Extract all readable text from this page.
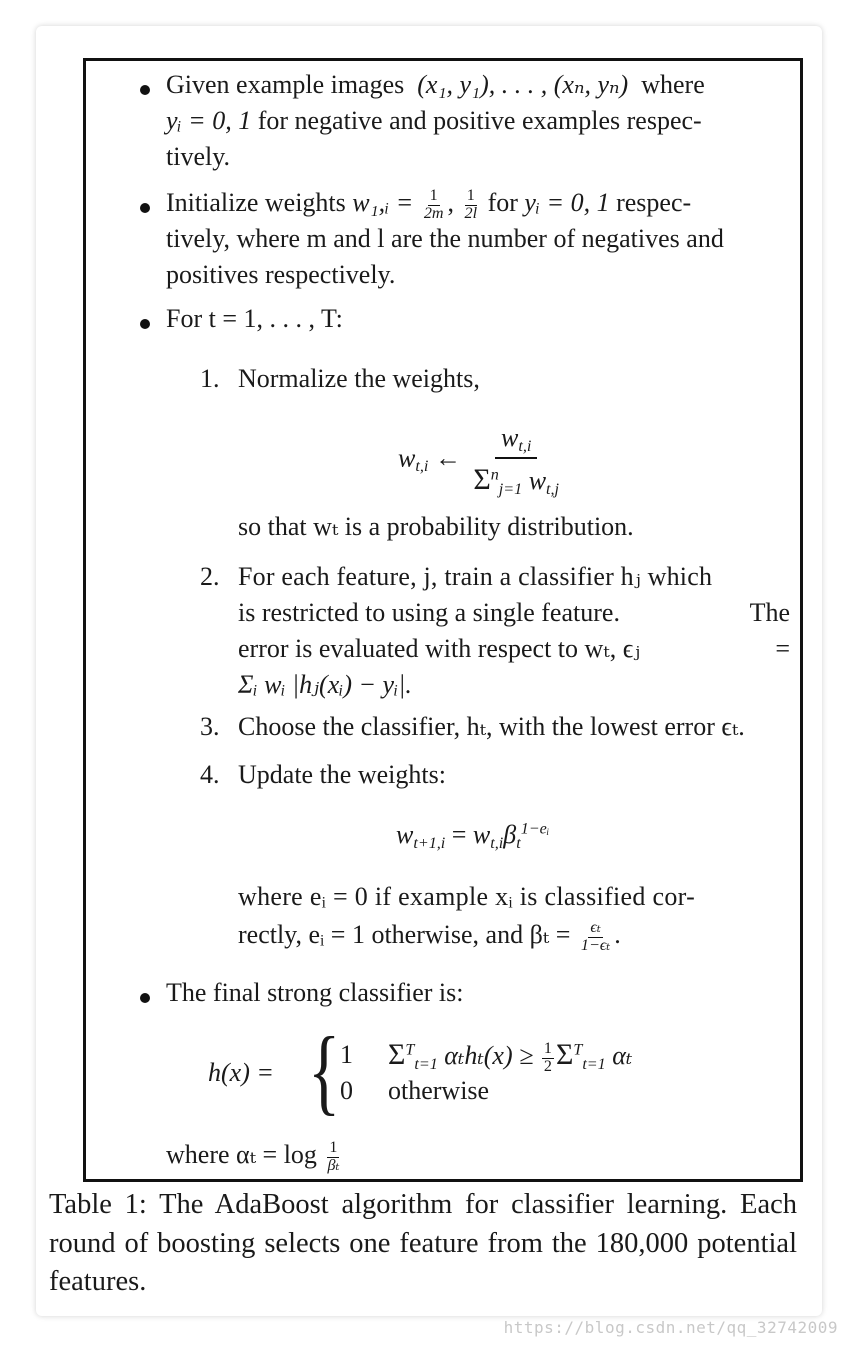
Given example images (x₁, y₁), . . . , (xₙ, yₙ) where
yᵢ = 0, 1 for negative and positive examples respec-
tively.
Initialize weights w₁,ᵢ = $\frac{1}{2m}$ , $\frac{1}{2l}$ for yᵢ = 0, 1 respec-
tively, where m and l are the number of negatives and
positives respectively.
For t = 1, . . . , T:
1. Normalize the weights,
$w_{t,i}$ ←
$w_{t,i}$
$\Sigma^n_{j=1}$ $w_{t,j}$
so that wₜ is a probability distribution.
2. For each feature, j, train a classifier hⱼ which
is restricted to using a single feature.	The
error is evaluated with respect to wₜ, ϵⱼ	=
Σᵢ wᵢ |hⱼ(xᵢ) − yᵢ|.
3. Choose the classifier, hₜ, with the lowest error ϵₜ.
4. Update the weights:
$w_{t+1,i} = w_{t,i}\beta_t^{1-eᵢ}$
where eᵢ = 0 if example xᵢ is classified cor-
rectly, eᵢ = 1 otherwise, and $\beta_t = \frac{\text{ϵₜ}}{\text{1−ϵₜ}}$ .
The final strong classifier is:
h(x) = { 1 $\Sigma^T_{t=1}$ $\alpha_th_t(x) \ge \frac{1}{2} \Sigma^T_{t=1}$ αₜ
0 otherwise
where $\alpha_t = \log \frac{1}{\text{βₜ}}$
Table 1: The AdaBoost algorithm for classifier learning. Each round of boosting selects one feature from the 180,000 potential features.
https://blog.csdn.net/qq_32742009
